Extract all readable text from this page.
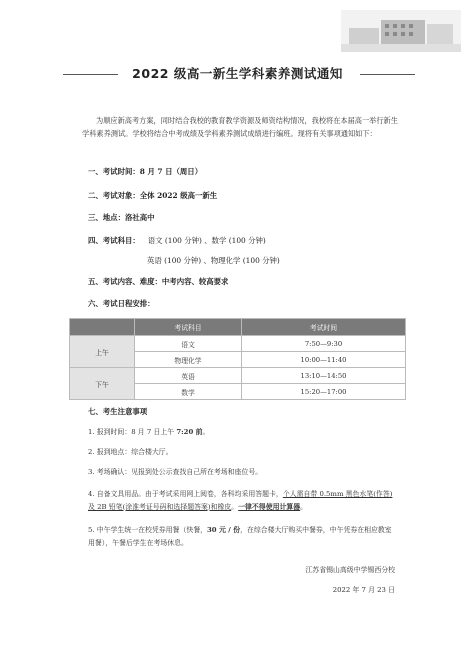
2022 级高一新生学科素养测试通知
为顺应新高考方案，同时结合我校的教育教学资源及师资结构情况，我校将在本届高一举行新生学科素养测试。学校将结合中考成绩及学科素养测试成绩进行编班。现将有关事项通知如下：
一、考试时间：8 月 7 日（周日）
二、考试对象：全体 2022 级高一新生
三、地点：洛社高中
四、考试科目： 语文 (100 分钟) 、数学 (100 分钟)
英语 (100 分钟) 、物理化学 (100 分钟)
五、考试内容、难度：中考内容、较高要求
六、考试日程安排：
	考试科目	考试时间
上午	语文	7:50—9:30
	物理化学	10:00—11:40
下午	英语	13:10—14:50
	数学	15:20—17:00
七、考生注意事项
1. 报到时间：8 月 7 日上午 7:20 前。
2. 报到地点：综合楼大厅。
3. 考场确认：见报到处公示查找自己所在考场和座位号。
4. 自备文具用品。由于考试采用网上阅卷，各科均采用答题卡，个人需自带 0.5mm 黑色水笔(作答)及 2B 铅笔(涂准考证号码和选择题答案)和橡皮。一律不得使用计算器。
5. 中午学生统一在校凭券用餐（快餐，30 元 / 份，在综合楼大厅购买中餐券，中午凭券在相应教室用餐），午餐后学生在考场休息。
江苏省锡山高级中学锡西分校
2022 年 7 月 23 日
